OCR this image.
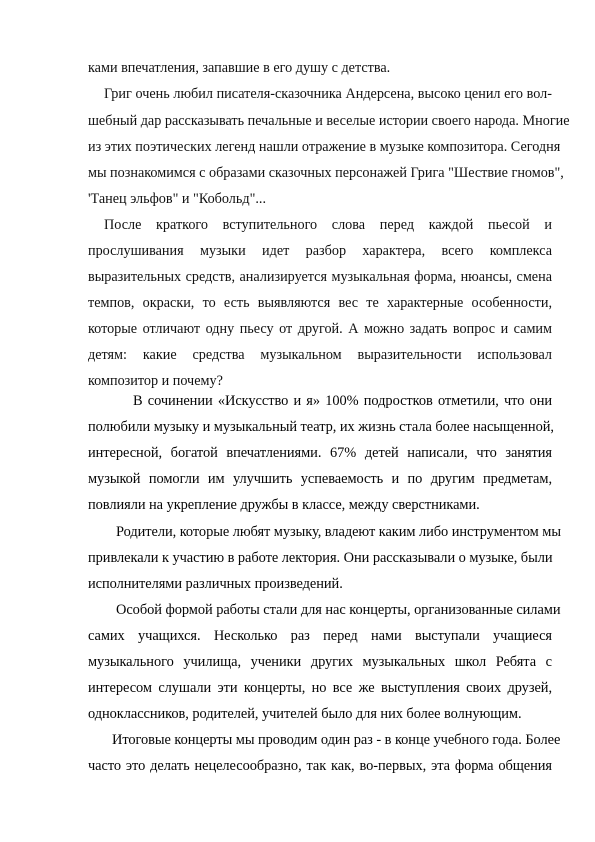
ками впечатления, запавшие в его душу с детства.
Григ очень любил писателя-сказочника Андерсена, высоко ценил его вол-
шебный дар рассказывать печальные и веселые истории своего народа. Многие
из этих поэтических легенд нашли отражение в музыке композитора. Сегодня
мы познакомимся с образами сказочных персонажей Грига "Шествие гномов",
'Танец эльфов" и "Кобольд"...
После краткого вступительного слова перед каждой пьесой и
прослушивания музыки идет разбор характера, всего комплекса
выразительных средств, анализируется музыкальная форма, нюансы, смена
темпов, окраски, то есть выявляются вес те характерные особенности,
которые отличают одну пьесу от другой. А можно задать вопрос и самим
детям: какие средства музыкальном выразительности использовал
композитор и почему?
В сочинении «Искусство и я» 100% подростков отметили, что они
полюбили музыку и музыкальный театр, их жизнь стала более насыщенной,
интересной, богатой впечатлениями. 67% детей написали, что занятия
музыкой помогли им улучшить успеваемость и по другим предметам,
повлияли на укрепление дружбы в классе, между сверстниками.
Родители, которые любят музыку, владеют каким либо инструментом мы
привлекали к участию в работе лектория. Они рассказывали о музыке, были
исполнителями различных произведений.
Особой формой работы стали для нас концерты, организованные силами
самих учащихся. Несколько раз перед нами выступали учащиеся
музыкального училища, ученики других музыкальных школ Ребята с
интересом слушали эти концерты, но все же выступления своих друзей,
одноклассников, родителей, учителей было для них более волнующим.
Итоговые концерты мы проводим один раз - в конце учебного года. Более
часто это делать нецелесообразно, так как, во-первых, эта форма общения
